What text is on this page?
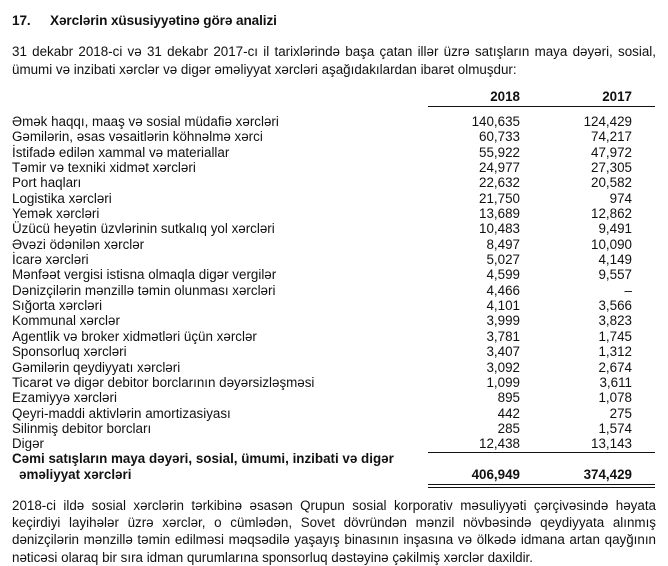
17. Xərclərin xüsusiyyətinə görə analizi
31 dekabr 2018-ci və 31 dekabr 2017-cı il tarixlərində başa çatan illər üzrə satışların maya dəyəri, sosial,
ümumi və inzibati xərclər və digər əməliyyat xərcləri aşağıdakılardan ibarət olmuşdur:
2018	2017
Əmək haqqı, maaş və sosial müdafiə xərcləri	140,635	124,429
Gəmilərin, əsas vəsaitlərin köhnəlmə xərci	60,733	74,217
İstifadə edilən xammal və materiallar	55,922	47,972
Təmir və texniki xidmət xərcləri	24,977	27,305
Port haqları	22,632	20,582
Logistika xərcləri	21,750	974
Yemək xərcləri	13,689	12,862
Üzücü heyətin üzvlərinin sutkalıq yol xərcləri	10,483	9,491
Əvəzi ödənilən xərclər	8,497	10,090
İcarə xərcləri	5,027	4,149
Mənfəət vergisi istisna olmaqla digər vergilər	4,599	9,557
Dənizçilərin mənzillə təmin olunması xərcləri	4,466	–
Sığorta xərcləri	4,101	3,566
Kommunal xərclər	3,999	3,823
Agentlik və broker xidmətləri üçün xərclər	3,781	1,745
Sponsorluq xərcləri	3,407	1,312
Gəmilərin qeydiyyatı xərcləri	3,092	2,674
Ticarət və digər debitor borclarının dəyərsizləşməsi	1,099	3,611
Ezamiyyə xərcləri	895	1,078
Qeyri-maddi aktivlərin amortizasiyası	442	275
Silinmiş debitor borcları	285	1,574
Digər	12,438	13,143
Cəmi satışların maya dəyəri, sosial, ümumi, inzibati və digər
əməliyyat xərcləri	406,949	374,429
2018-ci ildə sosial xərclərin tərkibinə əsasən Qrupun sosial korporativ məsuliyyəti çərçivəsində həyata keçirdiyi layihələr üzrə xərclər, o cümlədən, Sovet dövründən mənzil növbəsində qeydiyyata alınmış dənizçilərin mənzillə təmin edilməsi məqsədilə yaşayış binasının inşasına və ölkədə idmana artan qayğının nəticəsi olaraq bir sıra idman qurumlarına sponsorluq dəstəyinə çəkilmiş xərclər daxildir.
